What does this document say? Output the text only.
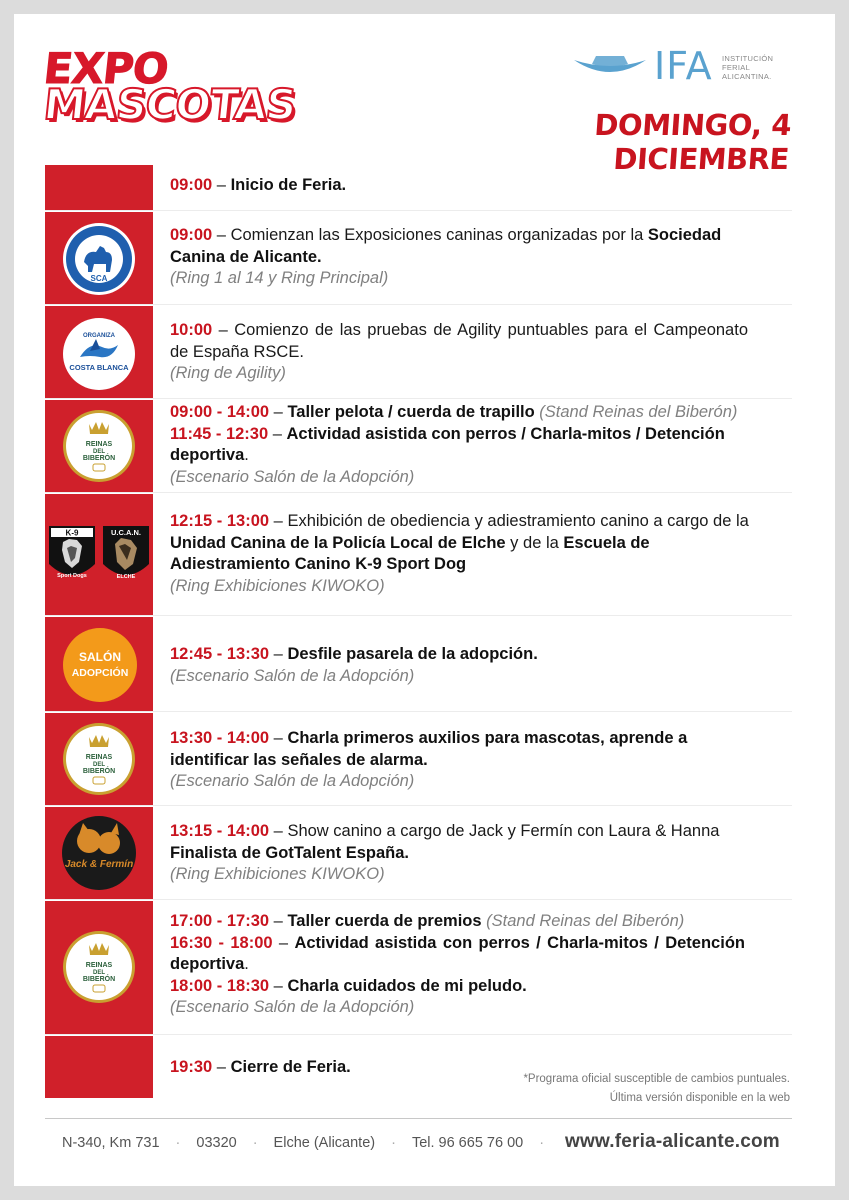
EXPO
MASCOTAS
IFA INSTITUCIÓN
FERIAL
ALICANTINA.
DOMINGO, 4 DICIEMBRE
09:00 – Inicio de Feria.
SCA
09:00 – Comienzan las Exposiciones caninas organizadas por la Sociedad Canina de Alicante.
(Ring 1 al 14 y Ring Principal)
ORGANIZA
COSTA BLANCA
10:00 – Comienzo de las pruebas de Agility puntuables para el Campeonato de España RSCE.
(Ring de Agility)
REINAS
DEL
BIBERÓN
09:00 - 14:00 – Taller pelota / cuerda de trapillo (Stand Reinas del Biberón)
11:45 - 12:30 – Actividad asistida con perros / Charla-mitos / Detención deportiva.
(Escenario Salón de la Adopción)
K-9
Sport Dogs
U.C.A.N.
ELCHE
12:15 - 13:00 – Exhibición de obediencia y adiestramiento canino a cargo de la Unidad Canina de la Policía Local de Elche y de la Escuela de Adiestramiento Canino K-9 Sport Dog
(Ring Exhibiciones KIWOKO)
SALÓN
ADOPCIÓN
12:45 - 13:30 – Desfile pasarela de la adopción.
(Escenario Salón de la Adopción)
REINAS
DEL
BIBERÓN
13:30 - 14:00 – Charla primeros auxilios para mascotas, aprende a identificar las señales de alarma.
(Escenario Salón de la Adopción)
Jack & Fermín
13:15 - 14:00 – Show canino a cargo de Jack y Fermín con Laura & Hanna
Finalista de GotTalent España.
(Ring Exhibiciones KIWOKO)
REINAS
DEL
BIBERÓN
17:00 - 17:30 – Taller cuerda de premios (Stand Reinas del Biberón)

16:30 - 18:00 – Actividad asistida con perros / Charla-mitos / Detención deportiva.
18:00 - 18:30 – Charla cuidados de mi peludo.
(Escenario Salón de la Adopción)
19:30 – Cierre de Feria.
*Programa oficial susceptible de cambios puntuales.
Última versión disponible en la web
N-340, Km 731 · 03320 · Elche (Alicante) · Tel. 96 665 76 00 ·	www.feria-alicante.com
